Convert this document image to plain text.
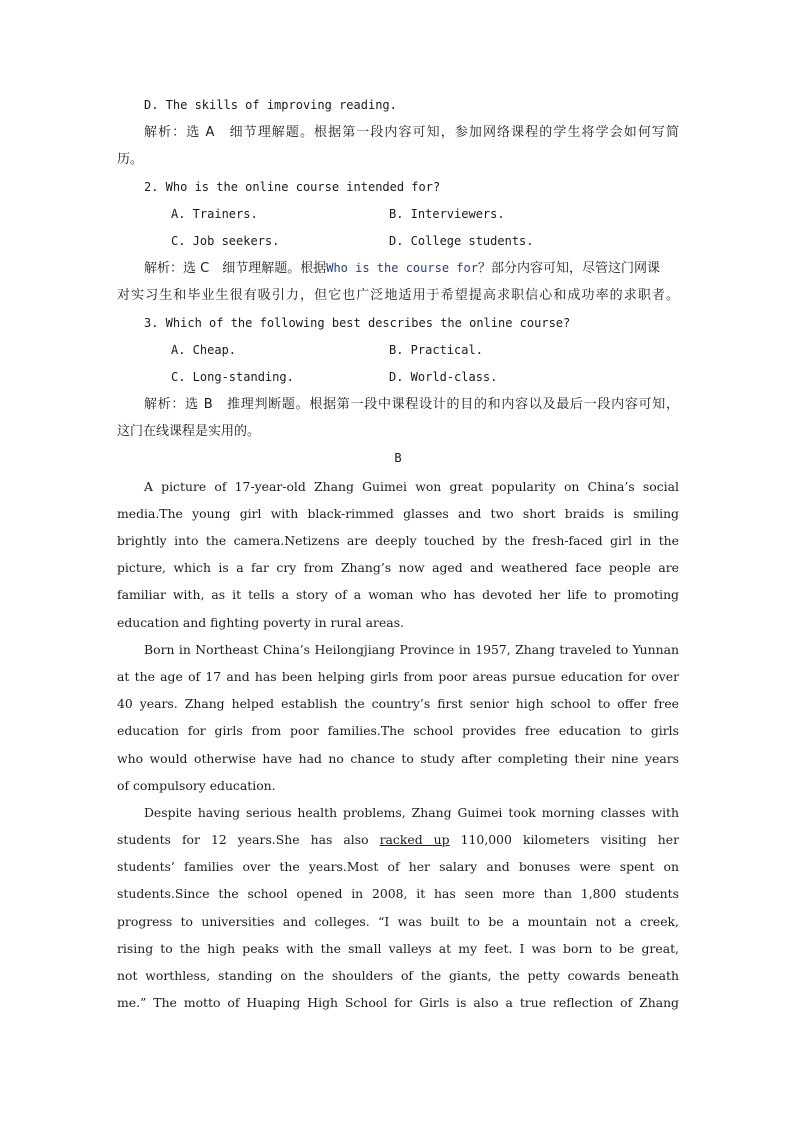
D. The skills of improving reading.
解析：选 A　细节理解题。根据第一段内容可知，参加网络课程的学生将学会如何写简
历。
2. Who is the online course intended for?
A. Trainers.	B. Interviewers.
C. Job seekers.	D. College students.
解析：选 C　细节理解题。根据Who is the course for？部分内容可知，尽管这门网课
对实习生和毕业生很有吸引力，但它也广泛地适用于希望提高求职信心和成功率的求职者。
3. Which of the following best describes the online course?
A. Cheap.	B. Practical.
C. Long-standing.	D. World-class.
解析：选 B　推理判断题。根据第一段中课程设计的目的和内容以及最后一段内容可知，
这门在线课程是实用的。
B
A picture of 17-year-old Zhang Guimei won great popularity on China’s social
media.The young girl with black-rimmed glasses and two short braids is smiling
brightly into the camera.Netizens are deeply touched by the fresh-faced girl in the
picture, which is a far cry from Zhang’s now aged and weathered face people are
familiar with, as it tells a story of a woman who has devoted her life to promoting
education and fighting poverty in rural areas.
Born in Northeast China’s Heilongjiang Province in 1957, Zhang traveled to Yunnan
at the age of 17 and has been helping girls from poor areas pursue education for over
40 years. Zhang helped establish the country’s first senior high school to offer free
education for girls from poor families.The school provides free education to girls
who would otherwise have had no chance to study after completing their nine years
of compulsory education.
Despite having serious health problems, Zhang Guimei took morning classes with
students for 12 years.She has also racked up 110,000 kilometers visiting her
students’ families over the years.Most of her salary and bonuses were spent on
students.Since the school opened in 2008, it has seen more than 1,800 students
progress to universities and colleges. “I was built to be a mountain not a creek,
rising to the high peaks with the small valleys at my feet. I was born to be great,
not worthless, standing on the shoulders of the giants, the petty cowards beneath
me.” The motto of Huaping High School for Girls is also a true reflection of Zhang
